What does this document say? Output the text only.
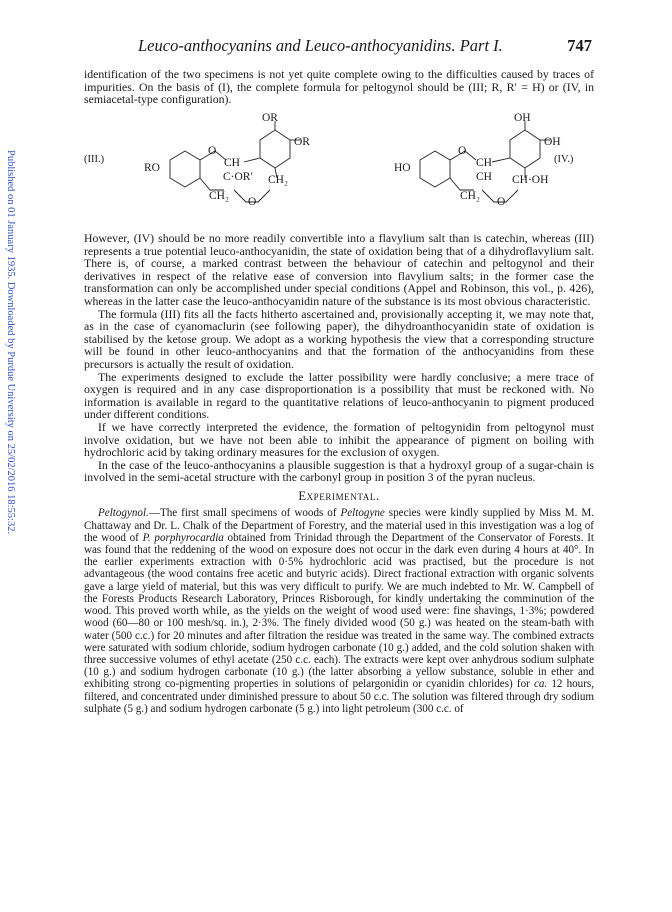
Published on 01 January 1935. Downloaded by Purdue University on 25/02/2016 18:55:32.
Leuco-anthocyanins and Leuco-anthocyanidins. Part I.	747

identification of the two specimens is not yet quite complete owing to the difficulties caused by traces of impurities. On the basis of (I), the complete formula for peltogynol should be (III; R, R′ = H) or (IV, in semiacetal-type configuration).

(III.)	(IV.)
OR
OR
RO
O
CH
C·OR′ CH₂
CH₂ O
OH
OH
HO
O
CH
CH CH·OH
CH₂ O

However, (IV) should be no more readily convertible into a flavylium salt than is catechin, whereas (III) represents a true potential leuco-anthocyanidin, the state of oxidation being that of a dihydroflavylium salt. There is, of course, a marked contrast between the behaviour of catechin and peltogynol and their derivatives in respect of the relative ease of conversion into flavylium salts; in the former case the transformation can only be accomplished under special conditions (Appel and Robinson, this vol., p. 426), whereas in the latter case the leuco-anthocyanidin nature of the substance is its most obvious characteristic.

The formula (III) fits all the facts hitherto ascertained and, provisionally accepting it, we may note that, as in the case of cyanomaclurin (see following paper), the dihydroanthocyanidin state of oxidation is stabilised by the ketose group. We adopt as a working hypothesis the view that a corresponding structure will be found in other leuco-anthocyanins and that the formation of the anthocyanidins from these precursors is actually the result of oxidation.

The experiments designed to exclude the latter possibility were hardly conclusive; a mere trace of oxygen is required and in any case disproportionation is a possibility that must be reckoned with. No information is available in regard to the quantitative relations of leuco-anthocyanin to pigment produced under different conditions.

If we have correctly interpreted the evidence, the formation of peltogynidin from peltogynol must involve oxidation, but we have not been able to inhibit the appearance of pigment on boiling with hydrochloric acid by taking ordinary measures for the exclusion of oxygen.

In the case of the leuco-anthocyanins a plausible suggestion is that a hydroxyl group of a sugar-chain is involved in the semi-acetal structure with the carbonyl group in position 3 of the pyran nucleus.

Experimental.

Peltogynol.—The first small specimens of woods of Peltogyne species were kindly supplied by Miss M. M. Chattaway and Dr. L. Chalk of the Department of Forestry, and the material used in this investigation was a log of the wood of P. porphyrocardia obtained from Trinidad through the Department of the Conservator of Forests. It was found that the reddening of the wood on exposure does not occur in the dark even during 4 hours at 40°. In the earlier experiments extraction with 0·5% hydrochloric acid was practised, but the procedure is not advantageous (the wood contains free acetic and butyric acids). Direct fractional extraction with organic solvents gave a large yield of material, but this was very difficult to purify. We are much indebted to Mr. W. Campbell of the Forests Products Research Laboratory, Princes Risborough, for kindly undertaking the comminution of the wood. This proved worth while, as the yields on the weight of wood used were: fine shavings, 1·3%; powdered wood (60—80 or 100 mesh/sq. in.), 2·3%. The finely divided wood (50 g.) was heated on the steam-bath with water (500 c.c.) for 20 minutes and after filtration the residue was treated in the same way. The combined extracts were saturated with sodium chloride, sodium hydrogen carbonate (10 g.) added, and the cold solution shaken with three successive volumes of ethyl acetate (250 c.c. each). The extracts were kept over anhydrous sodium sulphate (10 g.) and sodium hydrogen carbonate (10 g.) (the latter absorbing a yellow substance, soluble in ether and exhibiting strong co-pigmenting properties in solutions of pelargonidin or cyanidin chlorides) for ca. 12 hours, filtered, and concentrated under diminished pressure to about 50 c.c. The solution was filtered through dry sodium sulphate (5 g.) and sodium hydrogen carbonate (5 g.) into light petroleum (300 c.c. of
